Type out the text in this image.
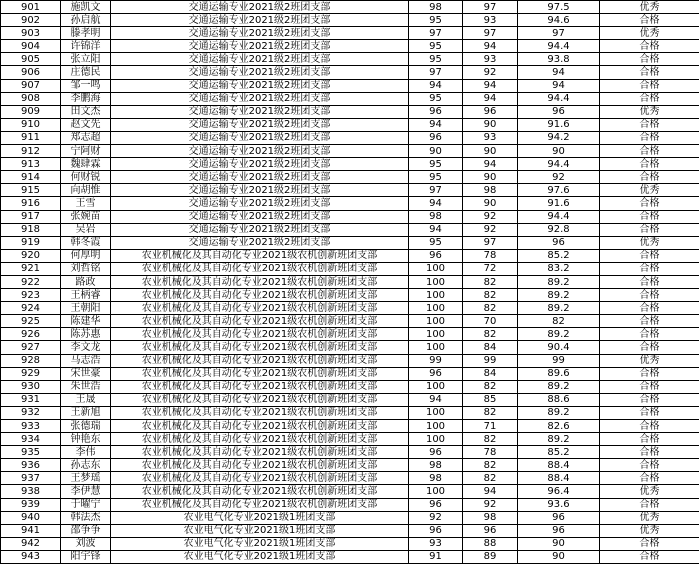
901	施凯文	交通运输专业2021级2班团支部	98	97	97.5	优秀
902	孙启航	交通运输专业2021级2班团支部	95	93	94.6	合格
903	滕孝明	交通运输专业2021级2班团支部	97	97	97	优秀
904	许锦洋	交通运输专业2021级2班团支部	95	94	94.4	合格
905	张立阳	交通运输专业2021级2班团支部	95	93	93.8	合格
906	庄德民	交通运输专业2021级2班团支部	97	92	94	合格
907	邹一鸣	交通运输专业2021级2班团支部	94	94	94	合格
908	李鹏海	交通运输专业2021级2班团支部	95	94	94.4	合格
909	田文杰	交通运输专业2021级2班团支部	96	96	96	优秀
910	赵文先	交通运输专业2021级2班团支部	94	90	91.6	合格
911	郑志超	交通运输专业2021级2班团支部	96	93	94.2	合格
912	宁阿财	交通运输专业2021级2班团支部	90	90	90	合格
913	魏肆霖	交通运输专业2021级2班团支部	95	94	94.4	合格
914	何财锐	交通运输专业2021级2班团支部	95	90	92	合格
915	向胡惟	交通运输专业2021级2班团支部	97	98	97.6	优秀
916	王雪	交通运输专业2021级2班团支部	94	90	91.6	合格
917	张婉苗	交通运输专业2021级2班团支部	98	92	94.4	合格
918	吴岩	交通运输专业2021级2班团支部	94	92	92.8	合格
919	韩冬霞	交通运输专业2021级2班团支部	95	97	96	优秀
920	何厚明	农业机械化及其自动化专业2021级农机创新班团支部	96	78	85.2	合格
921	刘哲铭	农业机械化及其自动化专业2021级农机创新班团支部	100	72	83.2	合格
922	路政	农业机械化及其自动化专业2021级农机创新班团支部	100	82	89.2	合格
923	王柄睿	农业机械化及其自动化专业2021级农机创新班团支部	100	82	89.2	合格
924	王朝阳	农业机械化及其自动化专业2021级农机创新班团支部	100	82	89.2	合格
925	陈建华	农业机械化及其自动化专业2021级农机创新班团支部	100	70	82	合格
926	陈苏惠	农业机械化及其自动化专业2021级农机创新班团支部	100	82	89.2	合格
927	李文龙	农业机械化及其自动化专业2021级农机创新班团支部	100	84	90.4	合格
928	马志浩	农业机械化及其自动化专业2021级农机创新班团支部	99	99	99	优秀
929	宋世豪	农业机械化及其自动化专业2021级农机创新班团支部	96	84	89.6	合格
930	朱世浩	农业机械化及其自动化专业2021级农机创新班团支部	100	82	89.2	合格
931	王晟	农业机械化及其自动化专业2021级农机创新班团支部	94	85	88.6	合格
932	王新旭	农业机械化及其自动化专业2021级农机创新班团支部	100	82	89.2	合格
933	张德瑞	农业机械化及其自动化专业2021级农机创新班团支部	100	71	82.6	合格
934	钟艳东	农业机械化及其自动化专业2021级农机创新班团支部	100	82	89.2	合格
935	李伟	农业机械化及其自动化专业2021级农机创新班团支部	96	78	85.2	合格
936	孙志东	农业机械化及其自动化专业2021级农机创新班团支部	98	82	88.4	合格
937	王梦瑶	农业机械化及其自动化专业2021级农机创新班团支部	98	82	88.4	合格
938	李伊慧	农业机械化及其自动化专业2021级农机创新班团支部	100	94	96.4	优秀
939	于曜宁	农业机械化及其自动化专业2021级农机创新班团支部	96	92	93.6	合格
940	韩法杰	农业电气化专业2021级1班团支部	92	98	96	优秀
941	邵争争	农业电气化专业2021级1班团支部	96	96	96	优秀
942	刘波	农业电气化专业2021级1班团支部	93	88	90	合格
943	阳宇锋	农业电气化专业2021级1班团支部	91	89	90	合格
